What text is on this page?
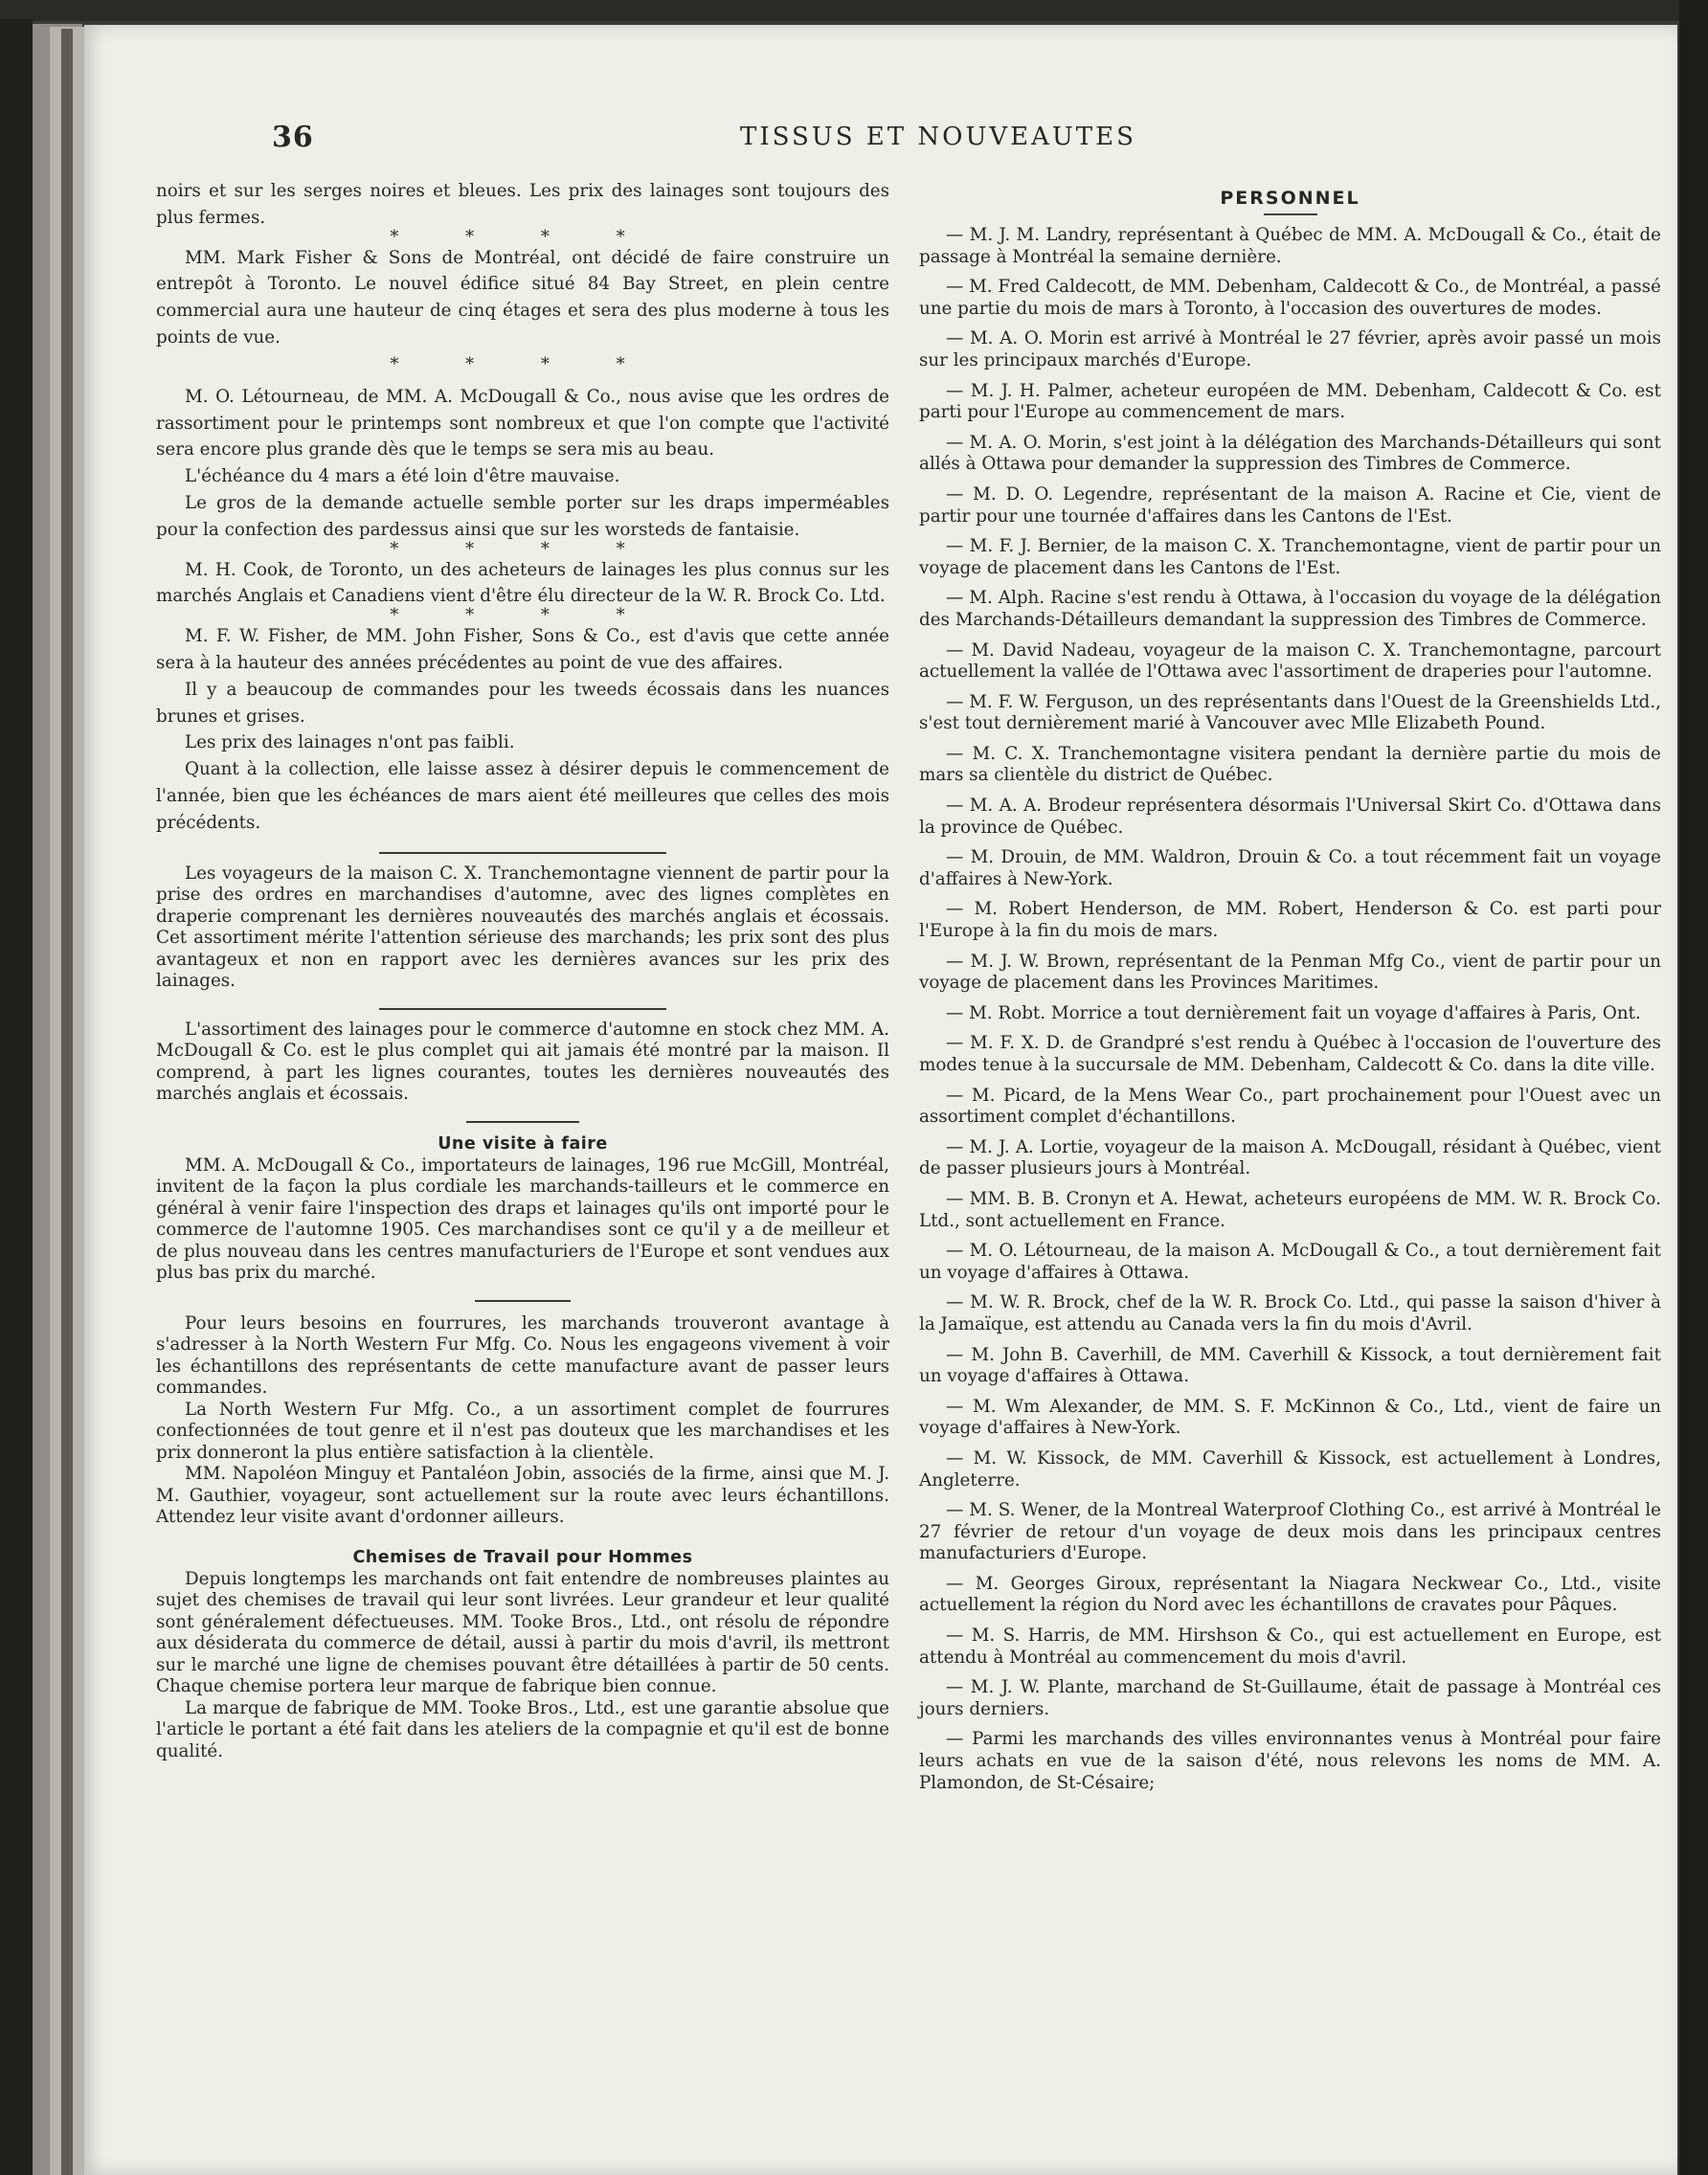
36	TISSUS ET NOUVEAUTES

noirs et sur les serges noires et bleues. Les prix des lainages sont toujours des plus fermes.

* * * *

MM. Mark Fisher & Sons de Montréal, ont décidé de faire construire un entrepôt à Toronto. Le nouvel édifice situé 84 Bay Street, en plein centre commercial aura une hauteur de cinq étages et sera des plus moderne à tous les points de vue.

* * * *

M. O. Létourneau, de MM. A. McDougall & Co., nous avise que les ordres de rassortiment pour le printemps sont nombreux et que l'on compte que l'activité sera encore plus grande dès que le temps se sera mis au beau.

L'échéance du 4 mars a été loin d'être mauvaise.

Le gros de la demande actuelle semble porter sur les draps imperméables pour la confection des pardessus ainsi que sur les worsteds de fantaisie.

* * * *

M. H. Cook, de Toronto, un des acheteurs de lainages les plus connus sur les marchés Anglais et Canadiens vient d'être élu directeur de la W. R. Brock Co. Ltd.

* * * *

M. F. W. Fisher, de MM. John Fisher, Sons & Co., est d'avis que cette année sera à la hauteur des années précédentes au point de vue des affaires.

Il y a beaucoup de commandes pour les tweeds écossais dans les nuances brunes et grises.

Les prix des lainages n'ont pas faibli.

Quant à la collection, elle laisse assez à désirer depuis le commencement de l'année, bien que les échéances de mars aient été meilleures que celles des mois précédents.

Les voyageurs de la maison C. X. Tranchemontagne viennent de partir pour la prise des ordres en marchandises d'automne, avec des lignes complètes en draperie comprenant les dernières nouveautés des marchés anglais et écossais. Cet assortiment mérite l'attention sérieuse des marchands; les prix sont des plus avantageux et non en rapport avec les dernières avances sur les prix des lainages.

L'assortiment des lainages pour le commerce d'automne en stock chez MM. A. McDougall & Co. est le plus complet qui ait jamais été montré par la maison. Il comprend, à part les lignes courantes, toutes les dernières nouveautés des marchés anglais et écossais.

Une visite à faire

MM. A. McDougall & Co., importateurs de lainages, 196 rue McGill, Montréal, invitent de la façon la plus cordiale les marchands-tailleurs et le commerce en général à venir faire l'inspection des draps et lainages qu'ils ont importé pour le commerce de l'automne 1905. Ces marchandises sont ce qu'il y a de meilleur et de plus nouveau dans les centres manufacturiers de l'Europe et sont vendues aux plus bas prix du marché.

Pour leurs besoins en fourrures, les marchands trouveront avantage à s'adresser à la North Western Fur Mfg. Co. Nous les engageons vivement à voir les échantillons des représentants de cette manufacture avant de passer leurs commandes.

La North Western Fur Mfg. Co., a un assortiment complet de fourrures confectionnées de tout genre et il n'est pas douteux que les marchandises et les prix donneront la plus entière satisfaction à la clientèle.

MM. Napoléon Minguy et Pantaléon Jobin, associés de la firme, ainsi que M. J. M. Gauthier, voyageur, sont actuellement sur la route avec leurs échantillons. Attendez leur visite avant d'ordonner ailleurs.

Chemises de Travail pour Hommes

Depuis longtemps les marchands ont fait entendre de nombreuses plaintes au sujet des chemises de travail qui leur sont livrées. Leur grandeur et leur qualité sont généralement défectueuses. MM. Tooke Bros., Ltd., ont résolu de répondre aux désiderata du commerce de détail, aussi à partir du mois d'avril, ils mettront sur le marché une ligne de chemises pouvant être détaillées à partir de 50 cents. Chaque chemise portera leur marque de fabrique bien connue.

La marque de fabrique de MM. Tooke Bros., Ltd., est une garantie absolue que l'article le portant a été fait dans les ateliers de la compagnie et qu'il est de bonne qualité.

PERSONNEL

— M. J. M. Landry, représentant à Québec de MM. A. McDougall & Co., était de passage à Montréal la semaine dernière.

— M. Fred Caldecott, de MM. Debenham, Caldecott & Co., de Montréal, a passé une partie du mois de mars à Toronto, à l'occasion des ouvertures de modes.

— M. A. O. Morin est arrivé à Montréal le 27 février, après avoir passé un mois sur les principaux marchés d'Europe.

— M. J. H. Palmer, acheteur européen de MM. Debenham, Caldecott & Co. est parti pour l'Europe au commencement de mars.

— M. A. O. Morin, s'est joint à la délégation des Marchands-Détailleurs qui sont allés à Ottawa pour demander la suppression des Timbres de Commerce.

— M. D. O. Legendre, représentant de la maison A. Racine et Cie, vient de partir pour une tournée d'affaires dans les Cantons de l'Est.

— M. F. J. Bernier, de la maison C. X. Tranchemontagne, vient de partir pour un voyage de placement dans les Cantons de l'Est.

— M. Alph. Racine s'est rendu à Ottawa, à l'occasion du voyage de la délégation des Marchands-Détailleurs demandant la suppression des Timbres de Commerce.

— M. David Nadeau, voyageur de la maison C. X. Tranchemontagne, parcourt actuellement la vallée de l'Ottawa avec l'assortiment de draperies pour l'automne.

— M. F. W. Ferguson, un des représentants dans l'Ouest de la Greenshields Ltd., s'est tout dernièrement marié à Vancouver avec Mlle Elizabeth Pound.

— M. C. X. Tranchemontagne visitera pendant la dernière partie du mois de mars sa clientèle du district de Québec.

— M. A. A. Brodeur représentera désormais l'Universal Skirt Co. d'Ottawa dans la province de Québec.

— M. Drouin, de MM. Waldron, Drouin & Co. a tout récemment fait un voyage d'affaires à New-York.

— M. Robert Henderson, de MM. Robert, Henderson & Co. est parti pour l'Europe à la fin du mois de mars.

— M. J. W. Brown, représentant de la Penman Mfg Co., vient de partir pour un voyage de placement dans les Provinces Maritimes.

— M. Robt. Morrice a tout dernièrement fait un voyage d'affaires à Paris, Ont.

— M. F. X. D. de Grandpré s'est rendu à Québec à l'occasion de l'ouverture des modes tenue à la succursale de MM. Debenham, Caldecott & Co. dans la dite ville.

— M. Picard, de la Mens Wear Co., part prochainement pour l'Ouest avec un assortiment complet d'échantillons.

— M. J. A. Lortie, voyageur de la maison A. McDougall, résidant à Québec, vient de passer plusieurs jours à Montréal.

— MM. B. B. Cronyn et A. Hewat, acheteurs européens de MM. W. R. Brock Co. Ltd., sont actuellement en France.

— M. O. Létourneau, de la maison A. McDougall & Co., a tout dernièrement fait un voyage d'affaires à Ottawa.

— M. W. R. Brock, chef de la W. R. Brock Co. Ltd., qui passe la saison d'hiver à la Jamaïque, est attendu au Canada vers la fin du mois d'Avril.

— M. John B. Caverhill, de MM. Caverhill & Kissock, a tout dernièrement fait un voyage d'affaires à Ottawa.

— M. Wm Alexander, de MM. S. F. McKinnon & Co., Ltd., vient de faire un voyage d'affaires à New-York.

— M. W. Kissock, de MM. Caverhill & Kissock, est actuellement à Londres, Angleterre.

— M. S. Wener, de la Montreal Waterproof Clothing Co., est arrivé à Montréal le 27 février de retour d'un voyage de deux mois dans les principaux centres manufacturiers d'Europe.

— M. Georges Giroux, représentant la Niagara Neckwear Co., Ltd., visite actuellement la région du Nord avec les échantillons de cravates pour Pâques.

— M. S. Harris, de MM. Hirshson & Co., qui est actuellement en Europe, est attendu à Montréal au commencement du mois d'avril.

— M. J. W. Plante, marchand de St-Guillaume, était de passage à Montréal ces jours derniers.

— Parmi les marchands des villes environnantes venus à Montréal pour faire leurs achats en vue de la saison d'été, nous relevons les noms de MM. A. Plamondon, de St-Césaire;
